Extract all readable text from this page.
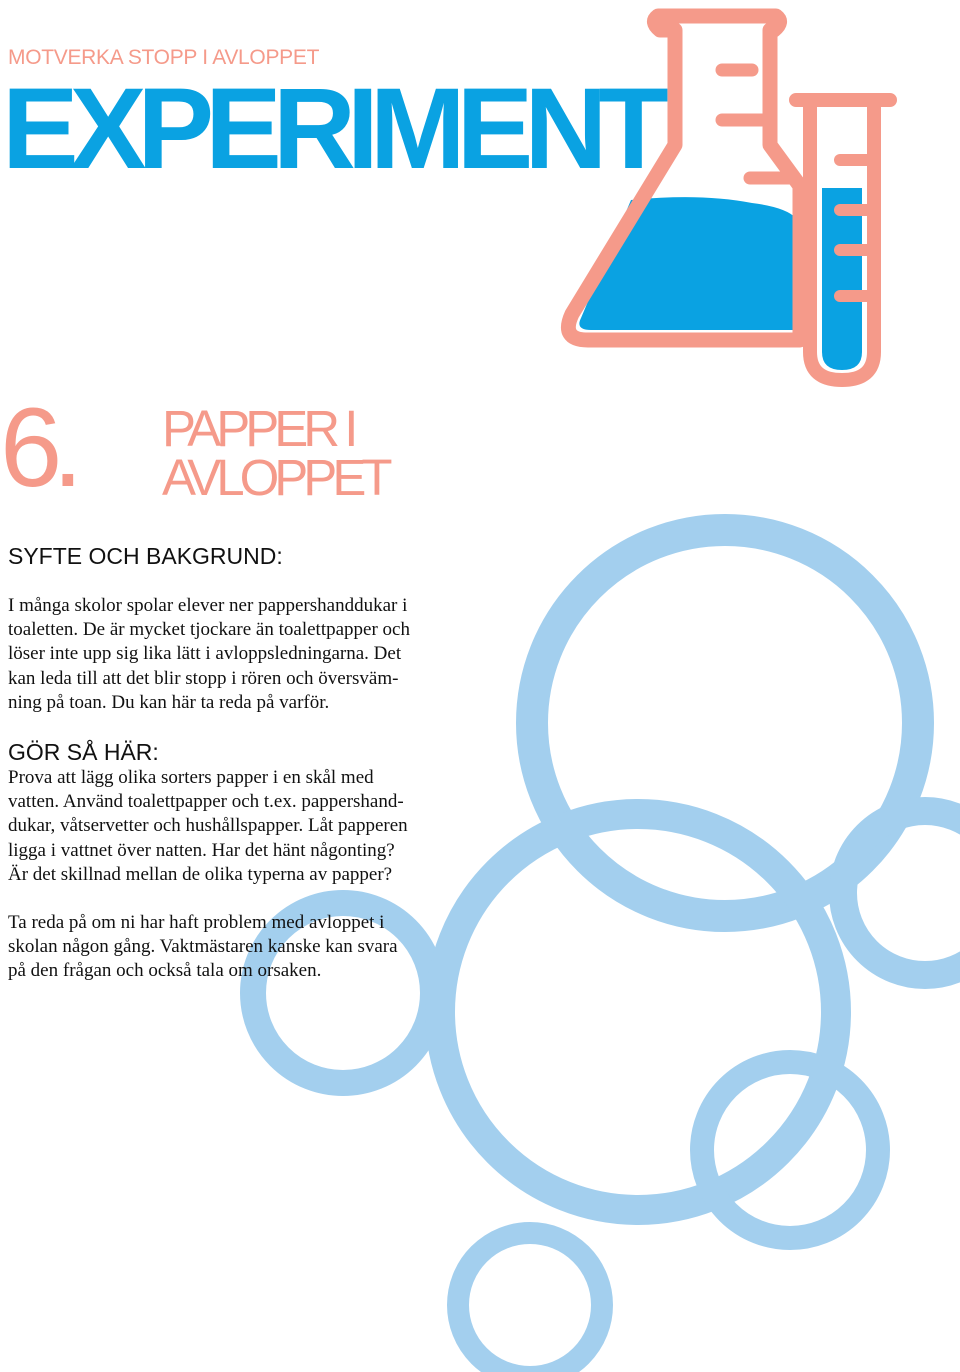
MOTVERKA STOPP I AVLOPPET
EXPERIMENT
6. PAPPER I
AVLOPPET
SYFTE OCH BAKGRUND:

I många skolor spolar elever ner pappershanddukar i
toaletten. De är mycket tjockare än toalettpapper och
löser inte upp sig lika lätt i avloppsledningarna. Det
kan leda till att det blir stopp i rören och översväm-
ning på toan. Du kan här ta reda på varför.

GÖR SÅ HÄR:

Prova att lägg olika sorters papper i en skål med
vatten. Använd toalettpapper och t.ex. pappershand-
dukar, våtservetter och hushållspapper. Låt papperen
ligga i vattnet över natten. Har det hänt någonting?
Är det skillnad mellan de olika typerna av papper?

Ta reda på om ni har haft problem med avloppet i
skolan någon gång. Vaktmästaren kanske kan svara
på den frågan och också tala om orsaken.
